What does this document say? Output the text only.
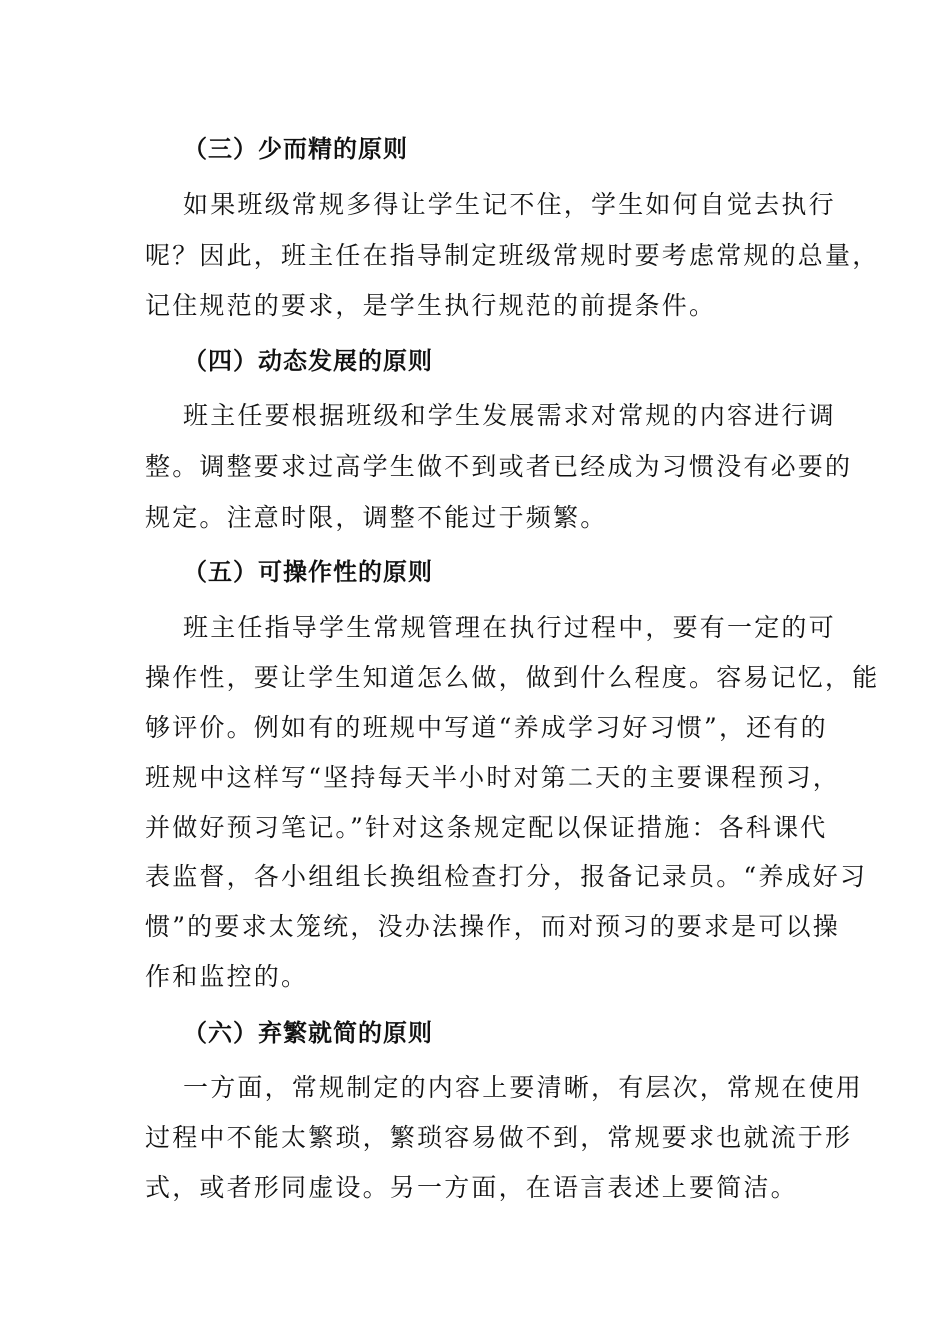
（三）少而精的原则
如果班级常规多得让学生记不住，学生如何自觉去执行
呢？因此，班主任在指导制定班级常规时要考虑常规的总量，
记住规范的要求，是学生执行规范的前提条件。
（四）动态发展的原则
班主任要根据班级和学生发展需求对常规的内容进行调
整。调整要求过高学生做不到或者已经成为习惯没有必要的
规定。注意时限，调整不能过于频繁。
（五）可操作性的原则
班主任指导学生常规管理在执行过程中，要有一定的可
操作性，要让学生知道怎么做，做到什么程度。容易记忆，能
够评价。例如有的班规中写道“养成学习好习惯”，还有的
班规中这样写“坚持每天半小时对第二天的主要课程预习，
并做好预习笔记。”针对这条规定配以保证措施：各科课代
表监督，各小组组长换组检查打分，报备记录员。“养成好习
惯”的要求太笼统，没办法操作，而对预习的要求是可以操
作和监控的。
（六）弃繁就简的原则
一方面，常规制定的内容上要清晰，有层次，常规在使用
过程中不能太繁琐，繁琐容易做不到，常规要求也就流于形
式，或者形同虚设。另一方面，在语言表述上要简洁。
